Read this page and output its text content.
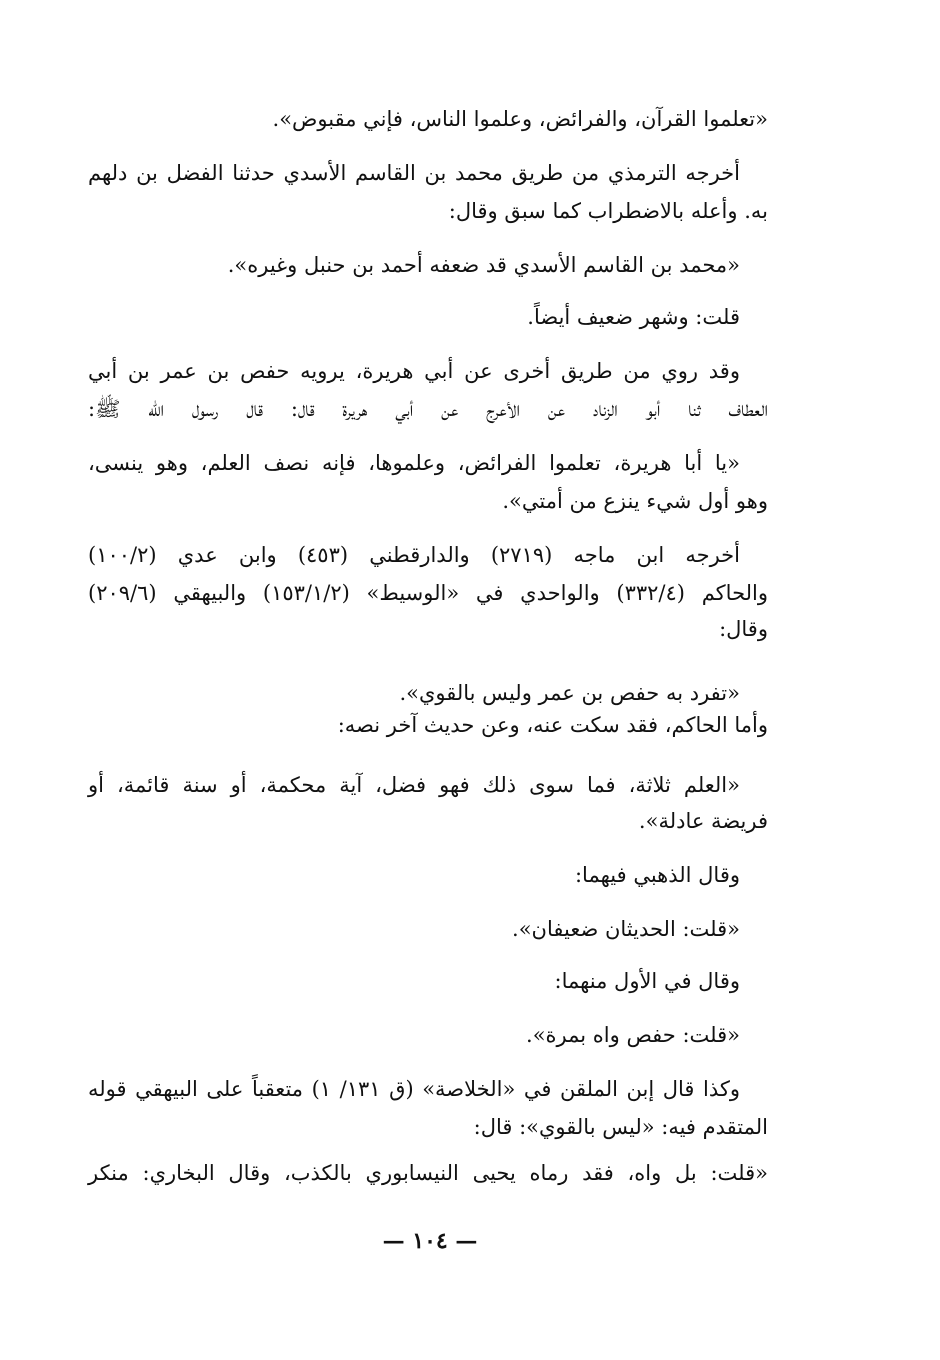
«تعلموا القرآن، والفرائض، وعلموا الناس، فإني مقبوض».
أخرجه الترمذي من طريق محمد بن القاسم الأسدي حدثنا الفضل بن دلهم
به. وأعله بالاضطراب كما سبق وقال:
«محمد بن القاسم الأسدي قد ضعفه أحمد بن حنبل وغيره».
قلت: وشهر ضعيف أيضاً.
وقد روي من طريق أخرى عن أبي هريرة، يرويه حفص بن عمر بن أبي
العطاف ثنا أبو الزناد عن الأعرج عن أبي هريرة قال: قال رسول الله ﷺ:
«يا أبا هريرة، تعلموا الفرائض، وعلموها، فإنه نصف العلم، وهو ينسى،
وهو أول شيء ينزع من أمتي».
أخرجه ابن ماجه (٢٧١٩) والدارقطني (٤٥٣) وابن عدي (١٠٠/٢)
والحاكم (٣٣٢/٤) والواحدي في «الوسيط» (١٥٣/١/٢) والبيهقي (٢٠٩/٦)
وقال:
«تفرد به حفص بن عمر وليس بالقوي».
وأما الحاكم، فقد سكت عنه، وعن حديث آخر نصه:
«العلم ثلاثة، فما سوى ذلك فهو فضل، آية محكمة، أو سنة قائمة، أو
فريضة عادلة».
وقال الذهبي فيهما:
«قلت: الحديثان ضعيفان».
وقال في الأول منهما:
«قلت: حفص واه بمرة».
وكذا قال إبن الملقن في «الخلاصة» (ق ١٣١/ ١) متعقباً على البيهقي قوله
المتقدم فيه: «ليس بالقوي»: قال:
«قلت: بل واه، فقد رماه يحيى النيسابوري بالكذب، وقال البخاري: منكر
— ١٠٤ —
